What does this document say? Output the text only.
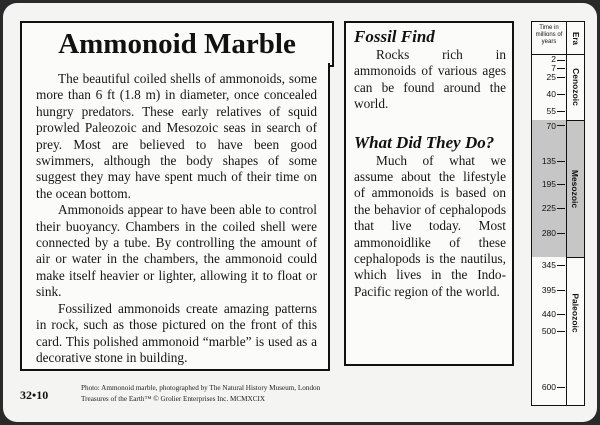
Ammonoid Marble

The beautiful coiled shells of ammonoids, some more than 6 ft (1.8 m) in diameter, once concealed hungry predators. These early relatives of squid prowled Paleozoic and Mesozoic seas in search of prey. Most are believed to have been good swimmers, although the body shapes of some suggest they may have spent much of their time on the ocean bottom.

Ammonoids appear to have been able to control their buoyancy. Chambers in the coiled shell were connected by a tube. By controlling the amount of air or water in the chambers, the ammonoid could make itself heavier or lighter, allowing it to float or sink.

Fossilized ammonoids create amazing patterns in rock, such as those pictured on the front of this card. This polished ammonoid “marble” is used as a decorative stone in building.

Fossil Find

Rocks rich in ammonoids of various ages can be found around the world.

What Did They Do?

Much of what we assume about the lifestyle of ammonoids is based on the behavior of cephalopods that live today. Most ammonoidlike of these cephalopods is the nautilus, which lives in the Indo-Pacific region of the world.

32•10	Photo: Ammonoid marble, photographed by The Natural History Museum, London
Treasures of the Earth™ © Grolier Enterprises Inc. MCMXCIX
Time in millions of years	Era
Cenozoic
Mesozoic
Paleozoic
2
7
25
40
55
70
135
195
225
280
345
395
440
500
600
